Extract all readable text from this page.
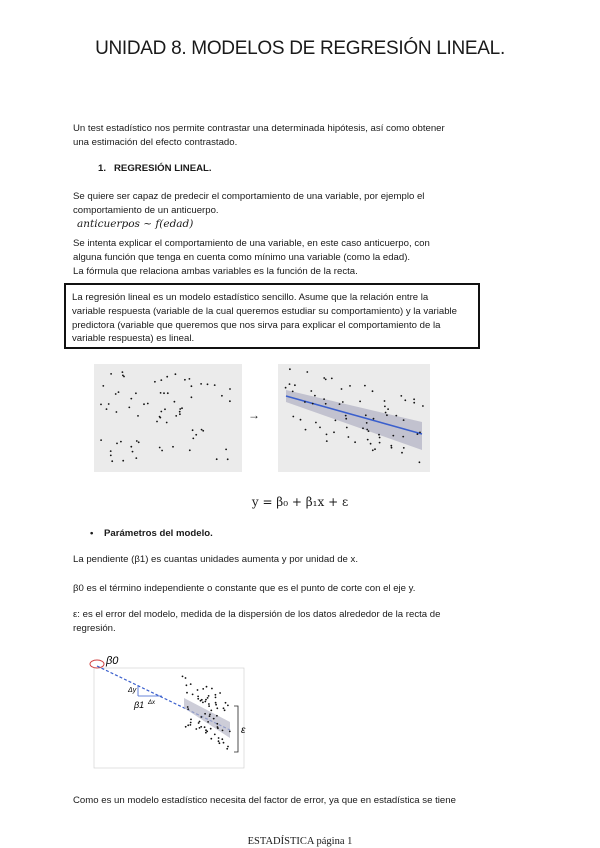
UNIDAD 8. MODELOS DE REGRESIÓN LINEAL.
Un test estadístico nos permite contrastar una determinada hipótesis, así como obtener
una estimación del efecto contrastado.
1. REGRESIÓN LINEAL.
Se quiere ser capaz de predecir el comportamiento de una variable, por ejemplo el
comportamiento de un anticuerpo.
anticuerpos ~ f(edad)
Se intenta explicar el comportamiento de una variable, en este caso anticuerpo, con
alguna función que tenga en cuenta como mínimo una variable (como la edad).
La fórmula que relaciona ambas variables es la función de la recta.
La regresión lineal es un modelo estadístico sencillo. Asume que la relación entre la
variable respuesta (variable de la cual queremos estudiar su comportamiento) y la variable
predictora (variable que queremos que nos sirva para explicar el comportamiento de la
variable respuesta) es lineal.
→
y = β₀ + β₁x + ε
• Parámetros del modelo.
La pendiente (β1) es cuantas unidades aumenta y por unidad de x.
β0 es el término independiente o constante que es el punto de corte con el eje y.
ε: es el error del modelo, medida de la dispersión de los datos alrededor de la recta de
regresión.
β0
Δy
β1 Δx
ε
Como es un modelo estadístico necesita del factor de error, ya que en estadística se tiene
ESTADÍSTICA página 1
